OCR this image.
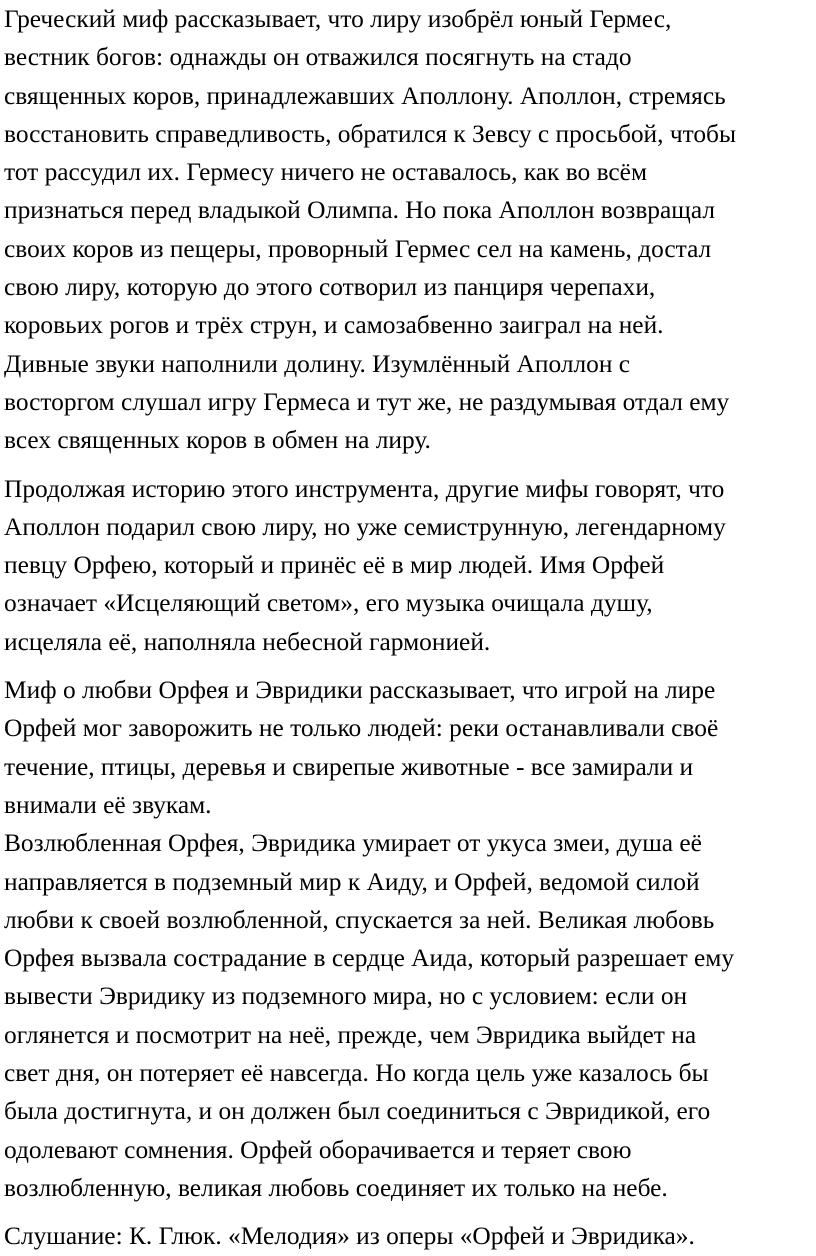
Греческий миф рассказывает, что лиру изобрёл юный Гермес,
вестник богов: однажды он отважился посягнуть на стадо
священных коров, принадлежавших Аполлону. Аполлон, стремясь
восстановить справедливость, обратился к Зевсу с просьбой, чтобы
тот рассудил их. Гермесу ничего не оставалось, как во всём
признаться перед владыкой Олимпа. Но пока Аполлон возвращал
своих коров из пещеры, проворный Гермес сел на камень, достал
свою лиру, которую до этого сотворил из панциря черепахи,
коровьих рогов и трёх струн, и самозабвенно заиграл на ней.
Дивные звуки наполнили долину. Изумлённый Аполлон с
восторгом слушал игру Гермеса и тут же, не раздумывая отдал ему
всех священных коров в обмен на лиру.

Продолжая историю этого инструмента, другие мифы говорят, что
Аполлон подарил свою лиру, но уже семиструнную, легендарному
певцу Орфею, который и принёс её в мир людей. Имя Орфей
означает «Исцеляющий светом», его музыка очищала душу,
исцеляла её, наполняла небесной гармонией.

Миф о любви Орфея и Эвридики рассказывает, что игрой на лире
Орфей мог заворожить не только людей: реки останавливали своё
течение, птицы, деревья и свирепые животные - все замирали и
внимали её звукам.
Возлюбленная Орфея, Эвридика умирает от укуса змеи, душа её
направляется в подземный мир к Аиду, и Орфей, ведомой силой
любви к своей возлюбленной, спускается за ней. Великая любовь
Орфея вызвала сострадание в сердце Аида, который разрешает ему
вывести Эвридику из подземного мира, но с условием: если он
оглянется и посмотрит на неё, прежде, чем Эвридика выйдет на
свет дня, он потеряет её навсегда. Но когда цель уже казалось бы
была достигнута, и он должен был соединиться с Эвридикой, его
одолевают сомнения. Орфей оборачивается и теряет свою
возлюбленную, великая любовь соединяет их только на небе.

Слушание: К. Глюк. «Мелодия» из оперы «Орфей и Эвридика».
